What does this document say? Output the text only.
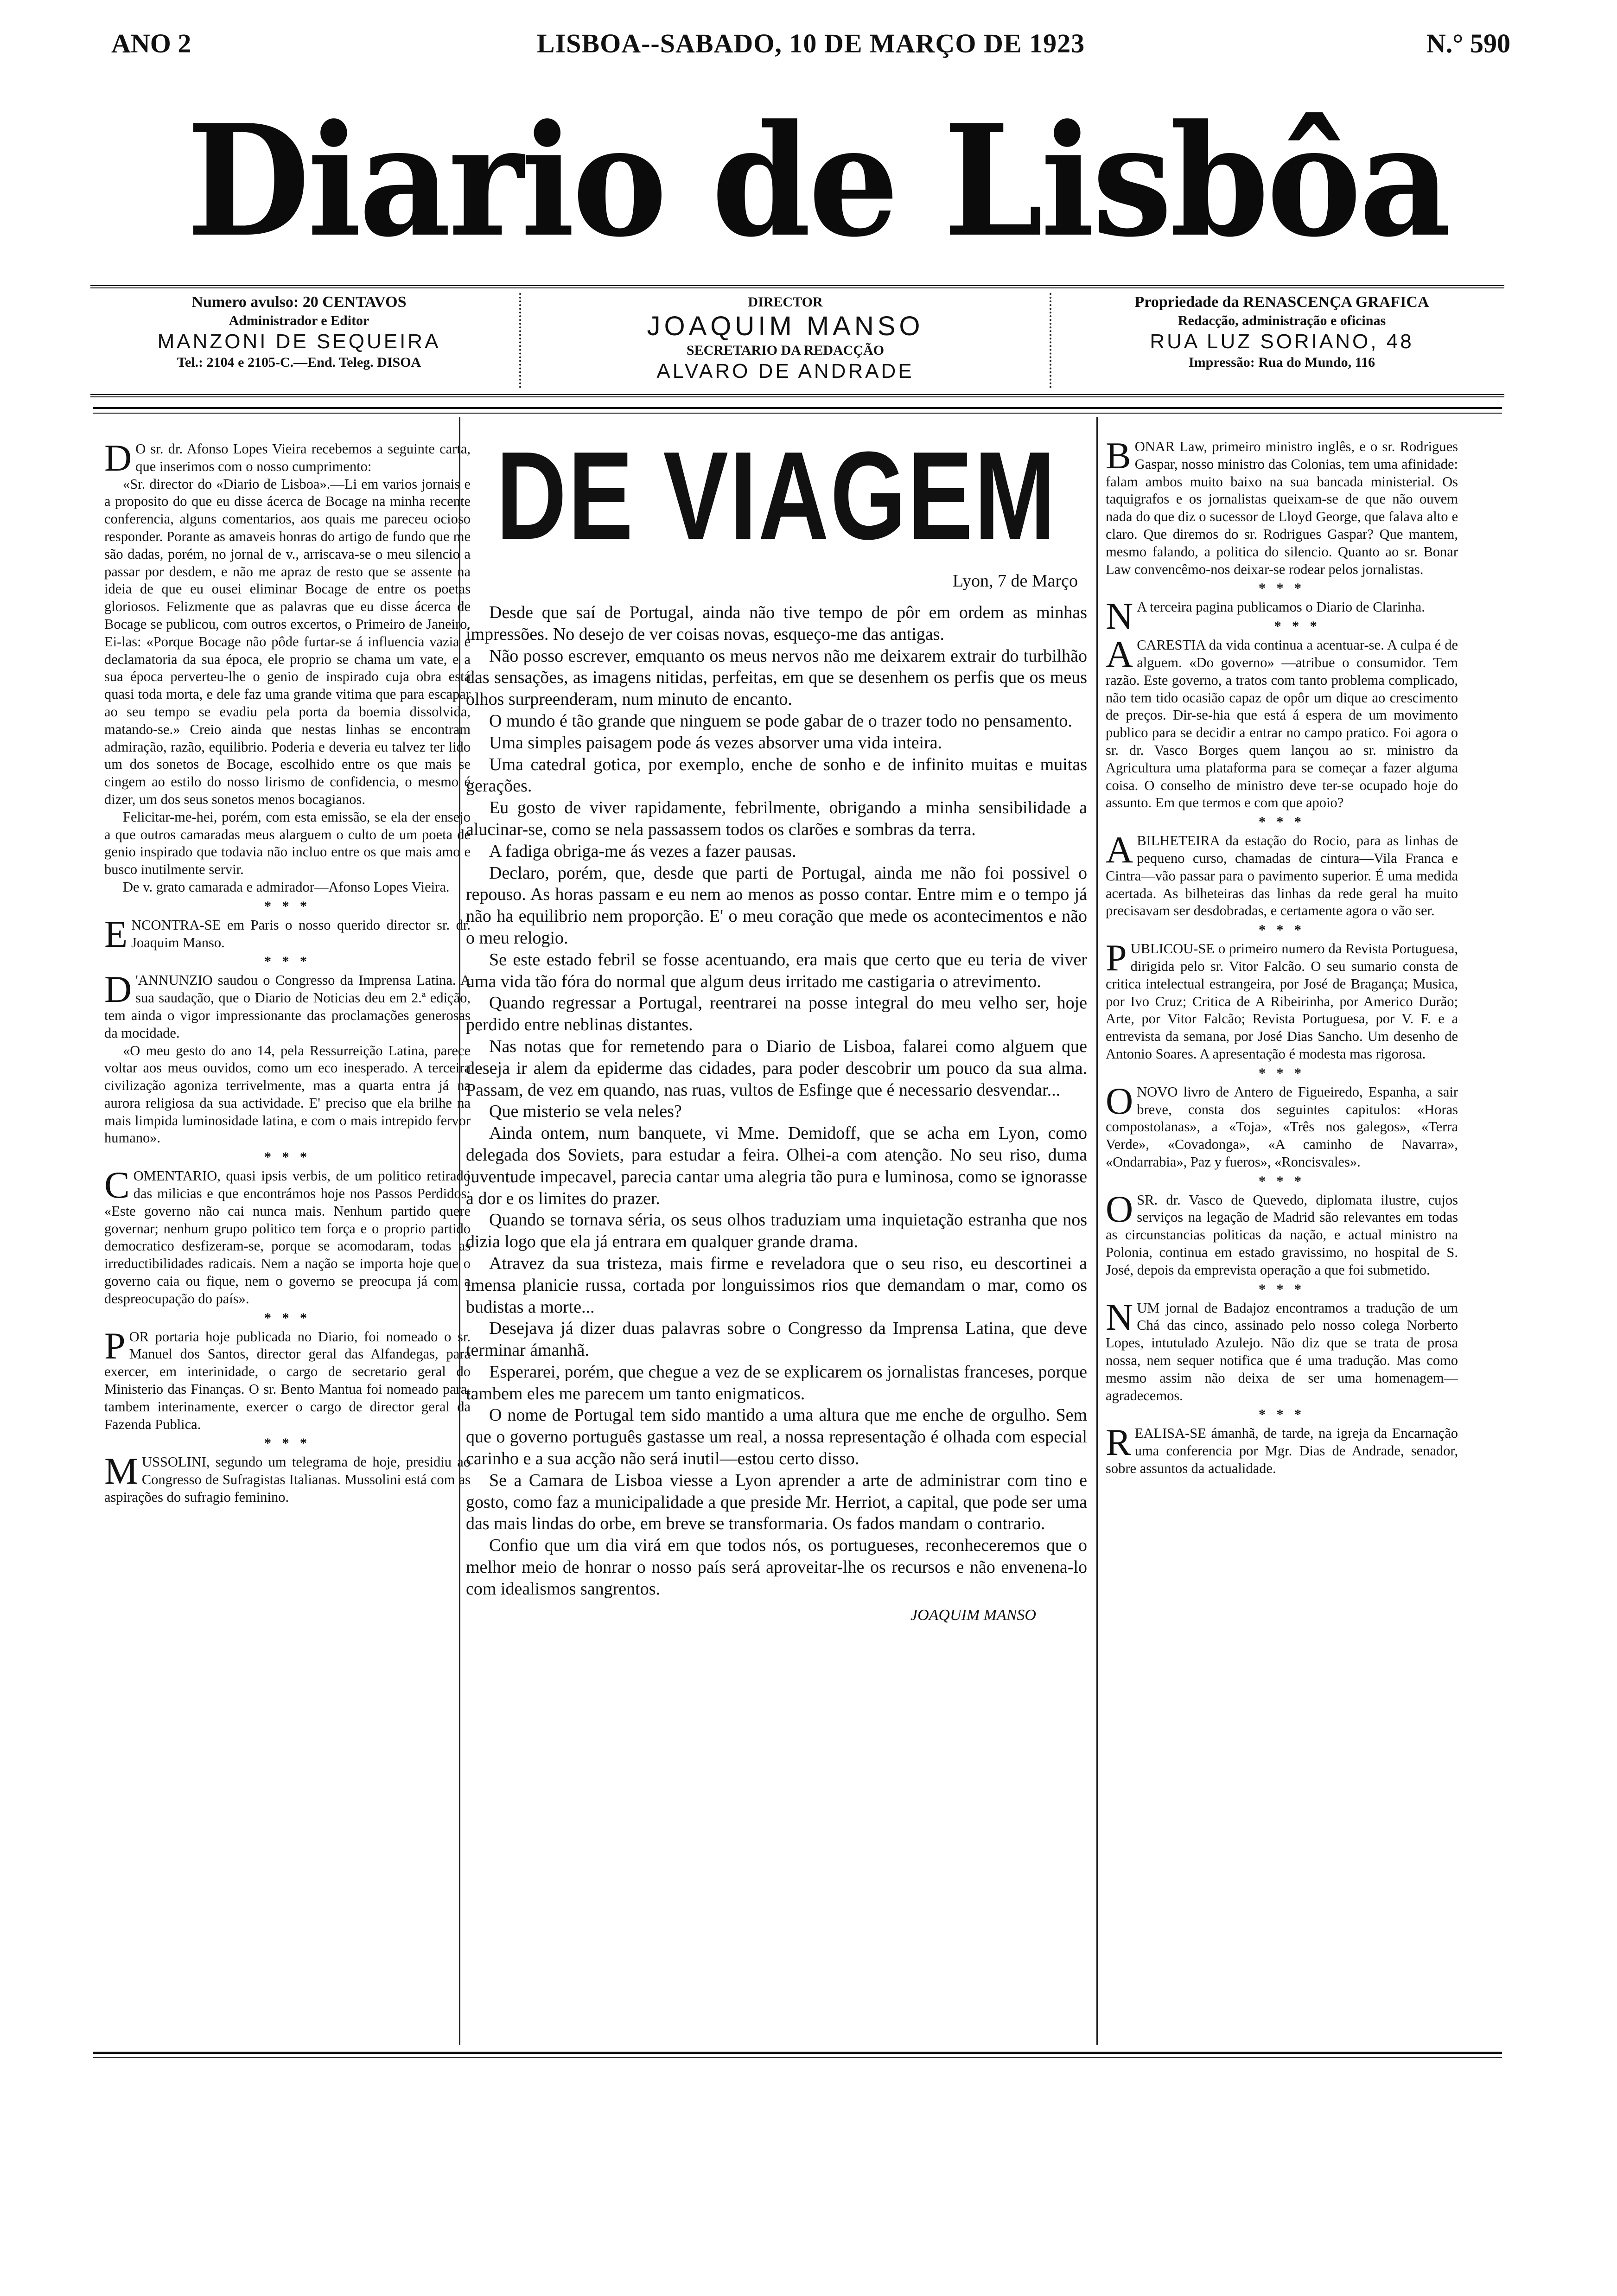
ANO 2	LISBOA--SABADO, 10 DE MARÇO DE 1923	N.° 590
Diario de Lisbôa
Numero avulso: 20 CENTAVOS
Administrador e Editor
MANZONI DE SEQUEIRA
Tel.: 2104 e 2105-C.—End. Teleg. DISOA
DIRECTOR
JOAQUIM MANSO
SECRETARIO DA REDACÇÃO
ALVARO DE ANDRADE
Propriedade da RENASCENÇA GRAFICA
Redacção, administração e oficinas
RUA LUZ SORIANO, 48
Impressão: Rua do Mundo, 116

D O sr. dr. Afonso Lopes Vieira recebemos a seguinte carta, que inserimos com o nosso cumprimento:

«Sr. director do «Diario de Lisboa».—Li em varios jornais e a proposito do que eu disse ácerca de Bocage na minha recente conferencia, alguns comentarios, aos quais me pareceu ocioso responder. Porante as amaveis honras do artigo de fundo que me são dadas, porém, no jornal de v., arriscava-se o meu silencio a passar por desdem, e não me apraz de resto que se assente na ideia de que eu ousei eliminar Bocage de entre os poetas gloriosos. Felizmente que as palavras que eu disse ácerca de Bocage se publicou, com outros excertos, o Primeiro de Janeiro. Ei-las: «Porque Bocage não pôde furtar-se á influencia vazia e declamatoria da sua época, ele proprio se chama um vate, e a sua época perverteu-lhe o genio de inspirado cuja obra está quasi toda morta, e dele faz uma grande vitima que para escapar ao seu tempo se evadiu pela porta da boemia dissolvida, matando-se.» Creio ainda que nestas linhas se encontram admiração, razão, equilibrio. Poderia e deveria eu talvez ter lido um dos sonetos de Bocage, escolhido entre os que mais se cingem ao estilo do nosso lirismo de confidencia, o mesmo é dizer, um dos seus sonetos menos bocagianos.

Felicitar-me-hei, porém, com esta emissão, se ela der ensejo a que outros camaradas meus alarguem o culto de um poeta de genio inspirado que todavia não incluo entre os que mais amo e busco inutilmente servir.

De v. grato camarada e admirador—Afonso Lopes Vieira.

* * *

ENCONTRA-SE em Paris o nosso querido director sr. dr. Joaquim Manso.

* * *

D 'ANNUNZIO saudou o Congresso da Imprensa Latina. A sua saudação, que o Diario de Noticias deu em 2.ª edição, tem ainda o vigor impressionante das proclamações generosas da mocidade.

«O meu gesto do ano 14, pela Ressurreição Latina, parece voltar aos meus ouvidos, como um eco inesperado. A terceira civilização agoniza terrivelmente, mas a quarta entra já na aurora religiosa da sua actividade. E' preciso que ela brilhe na mais limpida luminosidade latina, e com o mais intrepido fervor humano».

* * *

COMENTARIO, quasi ipsis verbis, de um politico retirado das milicias e que encontrámos hoje nos Passos Perdidos: «Este governo não cai nunca mais. Nenhum partido quere governar; nenhum grupo politico tem força e o proprio partido democratico desfizeram-se, porque se acomodaram, todas as irreductibilidades radicais. Nem a nação se importa hoje que o governo caia ou fique, nem o governo se preocupa já com a despreocupação do país».

* * *

POR portaria hoje publicada no Diario, foi nomeado o sr. Manuel dos Santos, director geral das Alfandegas, para exercer, em interinidade, o cargo de secretario geral do Ministerio das Finanças. O sr. Bento Mantua foi nomeado para, tambem interinamente, exercer o cargo de director geral da Fazenda Publica.

* * *

MUSSOLINI, segundo um telegrama de hoje, presidiu ao Congresso de Sufragistas Italianas. Mussolini está com as aspirações do sufragio feminino.

DE VIAGEM
Lyon, 7 de Março

Desde que saí de Portugal, ainda não tive tempo de pôr em ordem as minhas impressões. No desejo de ver coisas novas, esqueço-me das antigas.

Não posso escrever, emquanto os meus nervos não me deixarem extrair do turbilhão das sensações, as imagens nitidas, perfeitas, em que se desenhem os perfis que os meus olhos surpreenderam, num minuto de encanto.

O mundo é tão grande que ninguem se pode gabar de o trazer todo no pensamento.

Uma simples paisagem pode ás vezes absorver uma vida inteira.

Uma catedral gotica, por exemplo, enche de sonho e de infinito muitas e muitas gerações.

Eu gosto de viver rapidamente, febrilmente, obrigando a minha sensibilidade a alucinar-se, como se nela passassem todos os clarões e sombras da terra.

A fadiga obriga-me ás vezes a fazer pausas.

Declaro, porém, que, desde que parti de Portugal, ainda me não foi possivel o repouso. As horas passam e eu nem ao menos as posso contar. Entre mim e o tempo já não ha equilibrio nem proporção. E' o meu coração que mede os acontecimentos e não o meu relogio.

Se este estado febril se fosse acentuando, era mais que certo que eu teria de viver uma vida tão fóra do normal que algum deus irritado me castigaria o atrevimento.

Quando regressar a Portugal, reentrarei na posse integral do meu velho ser, hoje perdido entre neblinas distantes.

Nas notas que for remetendo para o Diario de Lisboa, falarei como alguem que deseja ir alem da epiderme das cidades, para poder descobrir um pouco da sua alma. Passam, de vez em quando, nas ruas, vultos de Esfinge que é necessario desvendar...

Que misterio se vela neles?

Ainda ontem, num banquete, vi Mme. Demidoff, que se acha em Lyon, como delegada dos Soviets, para estudar a feira. Olhei-a com atenção. No seu riso, duma juventude impecavel, parecia cantar uma alegria tão pura e luminosa, como se ignorasse a dor e os limites do prazer.

Quando se tornava séria, os seus olhos traduziam uma inquietação estranha que nos dizia logo que ela já entrara em qualquer grande drama.

Atravez da sua tristeza, mais firme e reveladora que o seu riso, eu descortinei a imensa planicie russa, cortada por longuissimos rios que demandam o mar, como os budistas a morte...

Desejava já dizer duas palavras sobre o Congresso da Imprensa Latina, que deve terminar ámanhã.

Esperarei, porém, que chegue a vez de se explicarem os jornalistas franceses, porque tambem eles me parecem um tanto enigmaticos.

O nome de Portugal tem sido mantido a uma altura que me enche de orgulho. Sem que o governo português gastasse um real, a nossa representação é olhada com especial carinho e a sua acção não será inutil—estou certo disso.

Se a Camara de Lisboa viesse a Lyon aprender a arte de administrar com tino e gosto, como faz a municipalidade a que preside Mr. Herriot, a capital, que pode ser uma das mais lindas do orbe, em breve se transformaria. Os fados mandam o contrario.

Confio que um dia virá em que todos nós, os portugueses, reconheceremos que o melhor meio de honrar o nosso país será aproveitar-lhe os recursos e não envenena-lo com idealismos sangrentos.

JOAQUIM MANSO

BONAR Law, primeiro ministro inglês, e o sr. Rodrigues Gaspar, nosso ministro das Colonias, tem uma afinidade: falam ambos muito baixo na sua bancada ministerial. Os taquigrafos e os jornalistas queixam-se de que não ouvem nada do que diz o sucessor de Lloyd George, que falava alto e claro. Que diremos do sr. Rodrigues Gaspar? Que mantem, mesmo falando, a politica do silencio. Quanto ao sr. Bonar Law convencêmo-nos deixar-se rodear pelos jornalistas.

* * *

N A terceira pagina publicamos o Diario de Clarinha.

* * *

ACARESTIA da vida continua a acentuar-se. A culpa é de alguem. «Do governo» —atribue o consumidor. Tem razão. Este governo, a tratos com tanto problema complicado, não tem tido ocasião capaz de opôr um dique ao crescimento de preços. Dir-se-hia que está á espera de um movimento publico para se decidir a entrar no campo pratico. Foi agora o sr. dr. Vasco Borges quem lançou ao sr. ministro da Agricultura uma plataforma para se começar a fazer alguma coisa. O conselho de ministro deve ter-se ocupado hoje do assunto. Em que termos e com que apoio?

* * *

A BILHETEIRA da estação do Rocio, para as linhas de pequeno curso, chamadas de cintura—Vila Franca e Cintra—vão passar para o pavimento superior. É uma medida acertada. As bilheteiras das linhas da rede geral ha muito precisavam ser desdobradas, e certamente agora o vão ser.

* * *

PUBLICOU-SE o primeiro numero da Revista Portuguesa, dirigida pelo sr. Vitor Falcão. O seu sumario consta de critica intelectual estrangeira, por José de Bragança; Musica, por Ivo Cruz; Critica de A Ribeirinha, por Americo Durão; Arte, por Vitor Falcão; Revista Portuguesa, por V. F. e a entrevista da semana, por José Dias Sancho. Um desenho de Antonio Soares. A apresentação é modesta mas rigorosa.

* * *

O NOVO livro de Antero de Figueiredo, Espanha, a sair breve, consta dos seguintes capitulos: «Horas compostolanas», a «Toja», «Três nos galegos», «Terra Verde», «Covadonga», «A caminho de Navarra», «Ondarrabia», Paz y fueros», «Roncisvales».

* * *

O SR. dr. Vasco de Quevedo, diplomata ilustre, cujos serviços na legação de Madrid são relevantes em todas as circunstancias politicas da nação, e actual ministro na Polonia, continua em estado gravissimo, no hospital de S. José, depois da emprevista operação a que foi submetido.

* * *

NUM jornal de Badajoz encontramos a tradução de um Chá das cinco, assinado pelo nosso colega Norberto Lopes, intutulado Azulejo. Não diz que se trata de prosa nossa, nem sequer notifica que é uma tradução. Mas como mesmo assim não deixa de ser uma homenagem—agradecemos.

* * *

REALISA-SE ámanhã, de tarde, na igreja da Encarnação uma conferencia por Mgr. Dias de Andrade, senador, sobre assuntos da actualidade.
